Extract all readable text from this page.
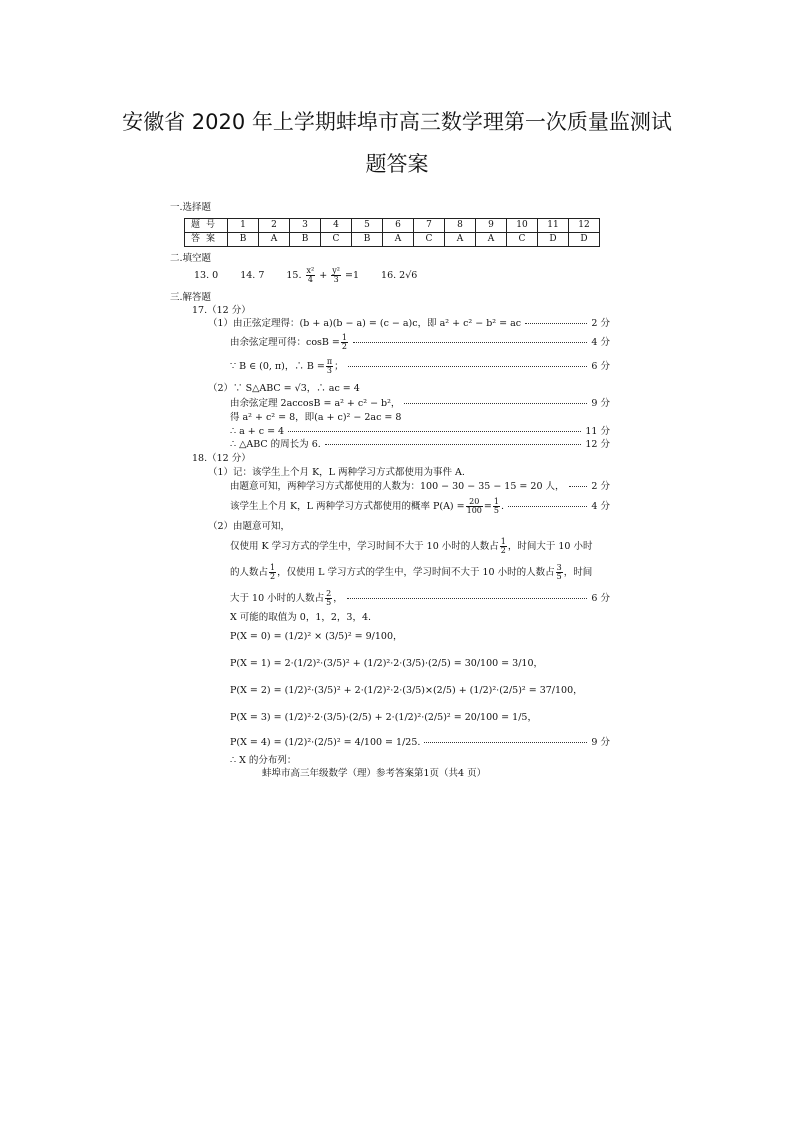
安徽省 2020 年上学期蚌埠市高三数学理第一次质量监测试
题答案
一.选择题
题号	1	2	3	4	5	6	7	8	9	10	11	12
答案	B	A	B	C	B	A	C	A	A	C	D	D
二.填空题
13. 0 14. 7 15. $\frac{\text{x²}}{4} + \frac{\text{y²}}{3} =1$ 16. 2√6
三.解答题
17.（12 分）
（1）由正弦定理得：(b + a)(b − a) = (c − a)c，即 a² + c² − b² = ac	2 分
由余弦定理可得：$\cos B = \frac{1}{2}$	4 分
∵ B ∈ (0, π)，∴ $B = \frac{\pi}{3}$ ；	6 分
（2）∵ S△ABC = √3，∴ ac = 4
由余弦定理 2accosB = a² + c² − b²，	9 分
得 a² + c² = 8，即(a + c)² − 2ac = 8
∴ a + c = 4	11 分
∴ △ABC 的周长为 6.	12 分
18.（12 分）
（1）记：该学生上个月 K，L 两种学习方式都使用为事件 A.
由题意可知，两种学习方式都使用的人数为：100 − 30 − 35 − 15 = 20 人，	2 分
该学生上个月 K，L 两种学习方式都使用的概率 $P(A) = \frac{20}{100} = \frac{1}{5}$ .	4 分
（2）由题意可知，
仅使用 K 学习方式的学生中，学习时间不大于 10 小时的人数占 $\frac{1}{2}$ ，时间大于 10 小时
的人数占 $\frac{1}{2}$ ，仅使用 L 学习方式的学生中，学习时间不大于 10 小时的人数占 $\frac{3}{5}$ ，时间
大于 10 小时的人数占 $\frac{2}{5}$ ，	6 分
X 可能的取值为 0，1，2，3，4.
P(X = 0) = (1/2)² × (3/5)² = 9/100，
P(X = 1) = 2·(1/2)²·(3/5)² + (1/2)²·2·(3/5)·(2/5) = 30/100 = 3/10，
P(X = 2) = (1/2)²·(3/5)² + 2·(1/2)²·2·(3/5)×(2/5) + (1/2)²·(2/5)² = 37/100，
P(X = 3) = (1/2)²·2·(3/5)·(2/5) + 2·(1/2)²·(2/5)² = 20/100 = 1/5，
P(X = 4) = (1/2)²·(2/5)² = 4/100 = 1/25.	9 分
∴ X 的分布列：
蚌埠市高三年级数学（理）参考答案第1页（共4 页）
